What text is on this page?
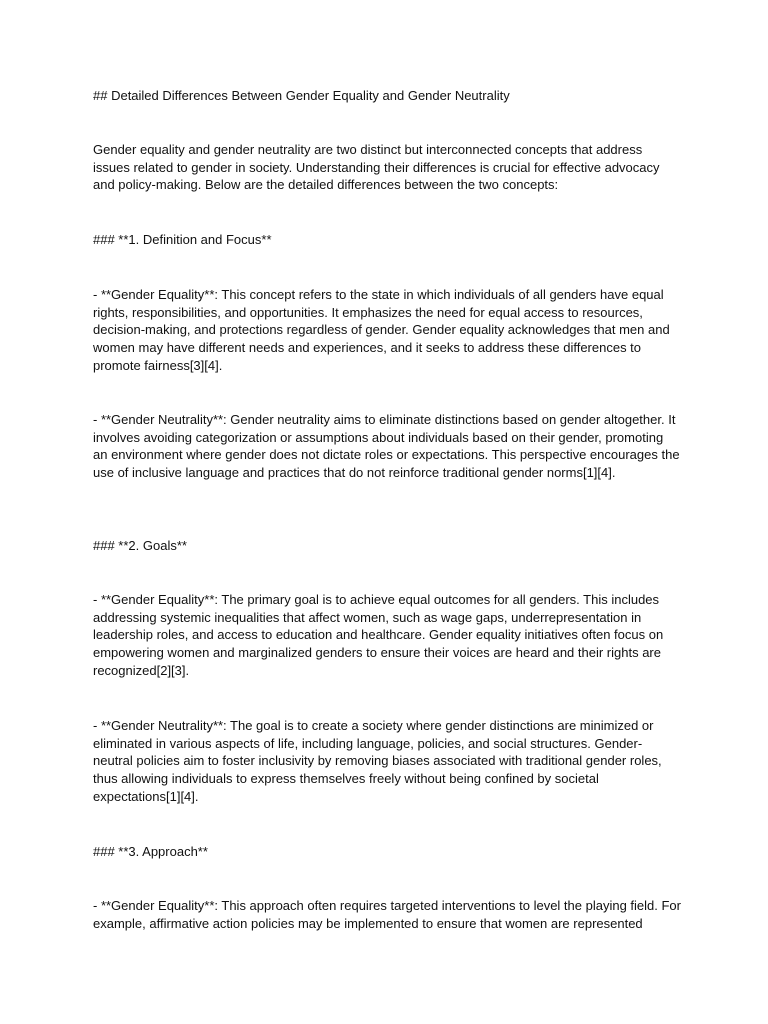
## Detailed Differences Between Gender Equality and Gender Neutrality

Gender equality and gender neutrality are two distinct but interconnected concepts that address issues related to gender in society. Understanding their differences is crucial for effective advocacy and policy-making. Below are the detailed differences between the two concepts:

### **1. Definition and Focus**

- **Gender Equality**: This concept refers to the state in which individuals of all genders have equal rights, responsibilities, and opportunities. It emphasizes the need for equal access to resources, decision-making, and protections regardless of gender. Gender equality acknowledges that men and women may have different needs and experiences, and it seeks to address these differences to promote fairness[3][4].

- **Gender Neutrality**: Gender neutrality aims to eliminate distinctions based on gender altogether. It involves avoiding categorization or assumptions about individuals based on their gender, promoting an environment where gender does not dictate roles or expectations. This perspective encourages the use of inclusive language and practices that do not reinforce traditional gender norms[1][4].

### **2. Goals**

- **Gender Equality**: The primary goal is to achieve equal outcomes for all genders. This includes addressing systemic inequalities that affect women, such as wage gaps, underrepresentation in leadership roles, and access to education and healthcare. Gender equality initiatives often focus on empowering women and marginalized genders to ensure their voices are heard and their rights are recognized[2][3].

- **Gender Neutrality**: The goal is to create a society where gender distinctions are minimized or eliminated in various aspects of life, including language, policies, and social structures. Gender-neutral policies aim to foster inclusivity by removing biases associated with traditional gender roles, thus allowing individuals to express themselves freely without being confined by societal expectations[1][4].

### **3. Approach**

- **Gender Equality**: This approach often requires targeted interventions to level the playing field. For example, affirmative action policies may be implemented to ensure that women are represented
